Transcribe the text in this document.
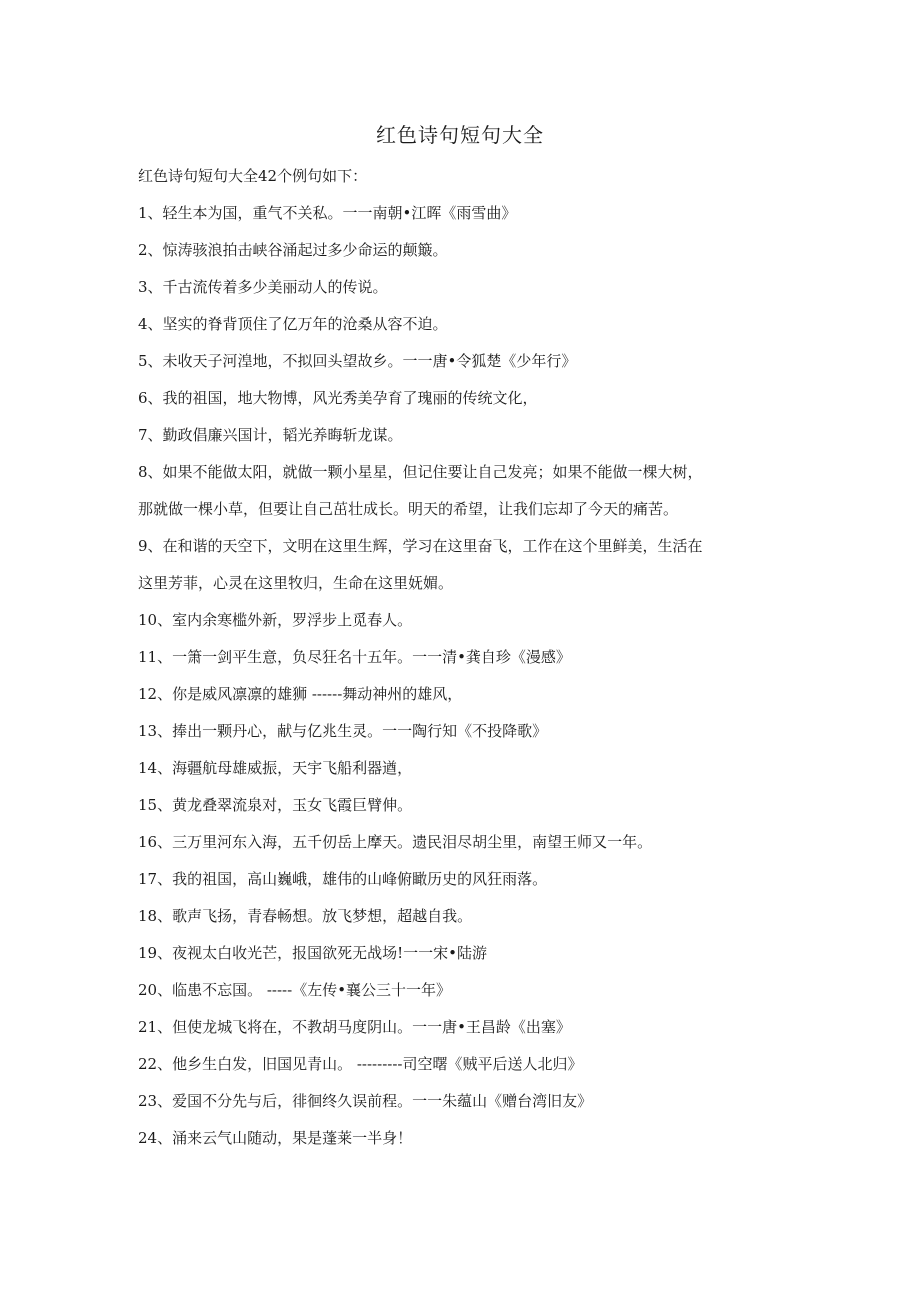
红色诗句短句大全
红色诗句短句大全42个例句如下：
1、轻生本为国，重气不关私。一一南朝•江晖《雨雪曲》
2、惊涛骇浪拍击峡谷涌起过多少命运的颠簸。
3、千古流传着多少美丽动人的传说。
4、坚实的脊背顶住了亿万年的沧桑从容不迫。
5、未收天子河湟地，不拟回头望故乡。一一唐•令狐楚《少年行》
6、我的祖国，地大物博，风光秀美孕育了瑰丽的传统文化，
7、勤政倡廉兴国计，韬光养晦斩龙谋。
8、如果不能做太阳，就做一颗小星星，但记住要让自己发亮；如果不能做一棵大树，
那就做一棵小草，但要让自己茁壮成长。明天的希望，让我们忘却了今天的痛苦。
9、在和谐的天空下，文明在这里生辉，学习在这里奋飞，工作在这个里鲜美，生活在
这里芳菲，心灵在这里牧归，生命在这里妩媚。
10、室内余寒槛外新，罗浮步上觅春人。
11、一箫一剑平生意，负尽狂名十五年。一一清•龚自珍《漫感》
12、你是威风凛凛的雄狮 ------舞动神州的雄风，
13、捧出一颗丹心，献与亿兆生灵。一一陶行知《不投降歌》
14、海疆航母雄威振，天宇飞船利器遒，
15、黄龙叠翠流泉对，玉女飞霞巨臂伸。
16、三万里河东入海，五千仞岳上摩天。遗民泪尽胡尘里，南望王师又一年。
17、我的祖国，高山巍峨，雄伟的山峰俯瞰历史的风狂雨落。
18、歌声飞扬，青春畅想。放飞梦想，超越自我。
19、夜视太白收光芒，报国欲死无战场!一一宋•陆游
20、临患不忘国。 -----《左传•襄公三十一年》
21、但使龙城飞将在，不教胡马度阴山。一一唐•王昌龄《出塞》
22、他乡生白发，旧国见青山。 ---------司空曙《贼平后送人北归》
23、爱国不分先与后，徘徊终久误前程。一一朱蕴山《赠台湾旧友》
24、涌来云气山随动，果是蓬莱一半身！
